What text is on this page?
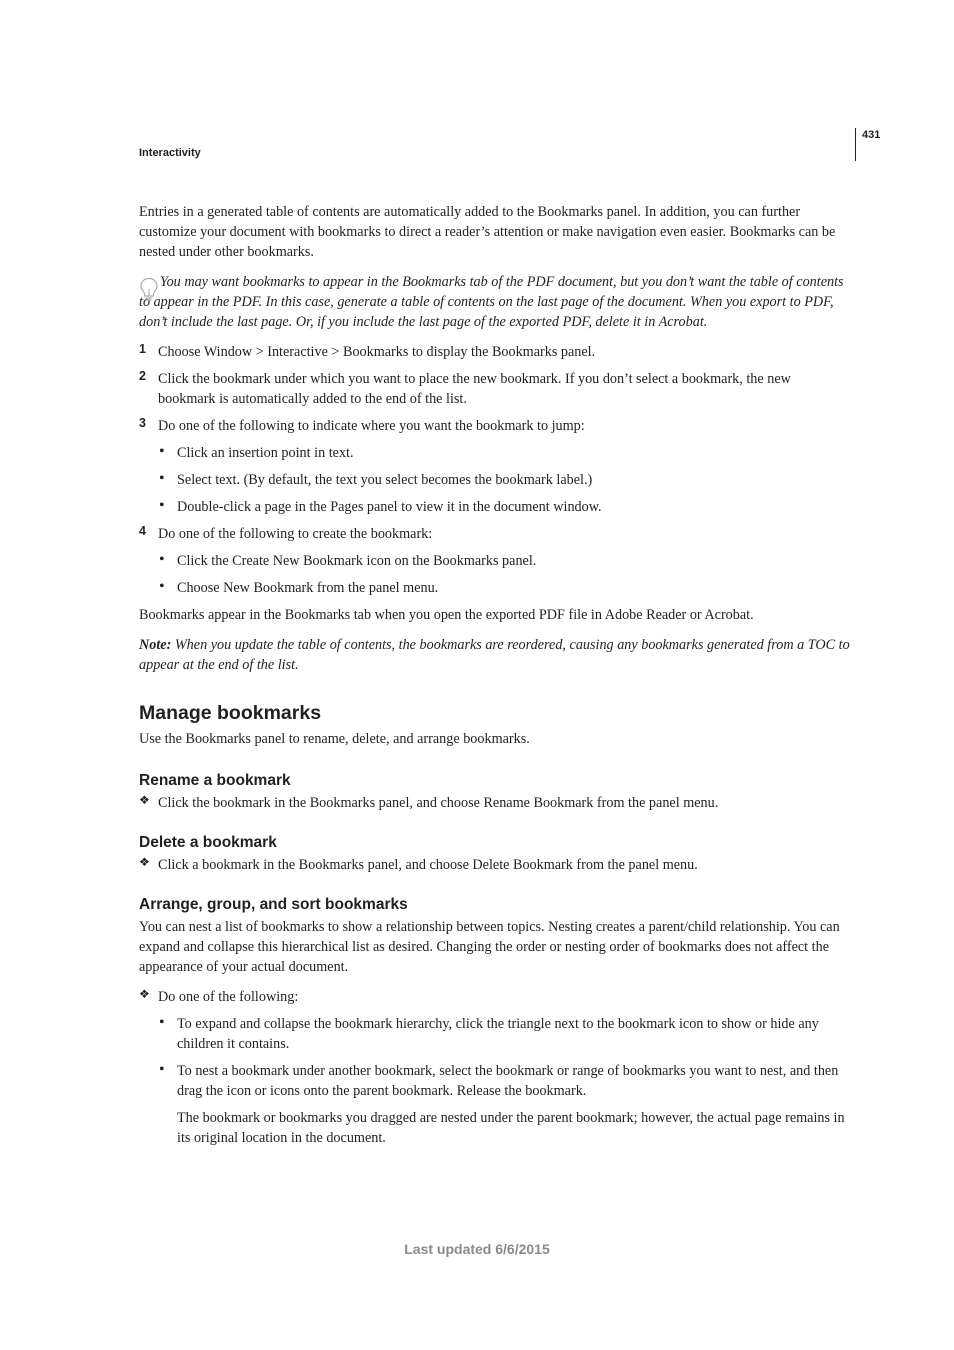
Interactivity
431

Entries in a generated table of contents are automatically added to the Bookmarks panel. In addition, you can further customize your document with bookmarks to direct a reader’s attention or make navigation even easier. Bookmarks can be nested under other bookmarks.

You may want bookmarks to appear in the Bookmarks tab of the PDF document, but you don’t want the table of contents to appear in the PDF. In this case, generate a table of contents on the last page of the document. When you export to PDF, don’t include the last page. Or, if you include the last page of the exported PDF, delete it in Acrobat.

1 Choose Window > Interactive > Bookmarks to display the Bookmarks panel.

2 Click the bookmark under which you want to place the new bookmark. If you don’t select a bookmark, the new bookmark is automatically added to the end of the list.

3 Do one of the following to indicate where you want the bookmark to jump:

• Click an insertion point in text.

• Select text. (By default, the text you select becomes the bookmark label.)

• Double-click a page in the Pages panel to view it in the document window.

4 Do one of the following to create the bookmark:

• Click the Create New Bookmark icon on the Bookmarks panel.

• Choose New Bookmark from the panel menu.

Bookmarks appear in the Bookmarks tab when you open the exported PDF file in Adobe Reader or Acrobat.

Note: When you update the table of contents, the bookmarks are reordered, causing any bookmarks generated from a TOC to appear at the end of the list.

Manage bookmarks

Use the Bookmarks panel to rename, delete, and arrange bookmarks.

Rename a bookmark
❖ Click the bookmark in the Bookmarks panel, and choose Rename Bookmark from the panel menu.

Delete a bookmark
❖ Click a bookmark in the Bookmarks panel, and choose Delete Bookmark from the panel menu.

Arrange, group, and sort bookmarks

You can nest a list of bookmarks to show a relationship between topics. Nesting creates a parent/child relationship. You can expand and collapse this hierarchical list as desired. Changing the order or nesting order of bookmarks does not affect the appearance of your actual document.

❖ Do one of the following:

• To expand and collapse the bookmark hierarchy, click the triangle next to the bookmark icon to show or hide any children it contains.

• To nest a bookmark under another bookmark, select the bookmark or range of bookmarks you want to nest, and then drag the icon or icons onto the parent bookmark. Release the bookmark.

The bookmark or bookmarks you dragged are nested under the parent bookmark; however, the actual page remains in its original location in the document.

Last updated 6/6/2015
